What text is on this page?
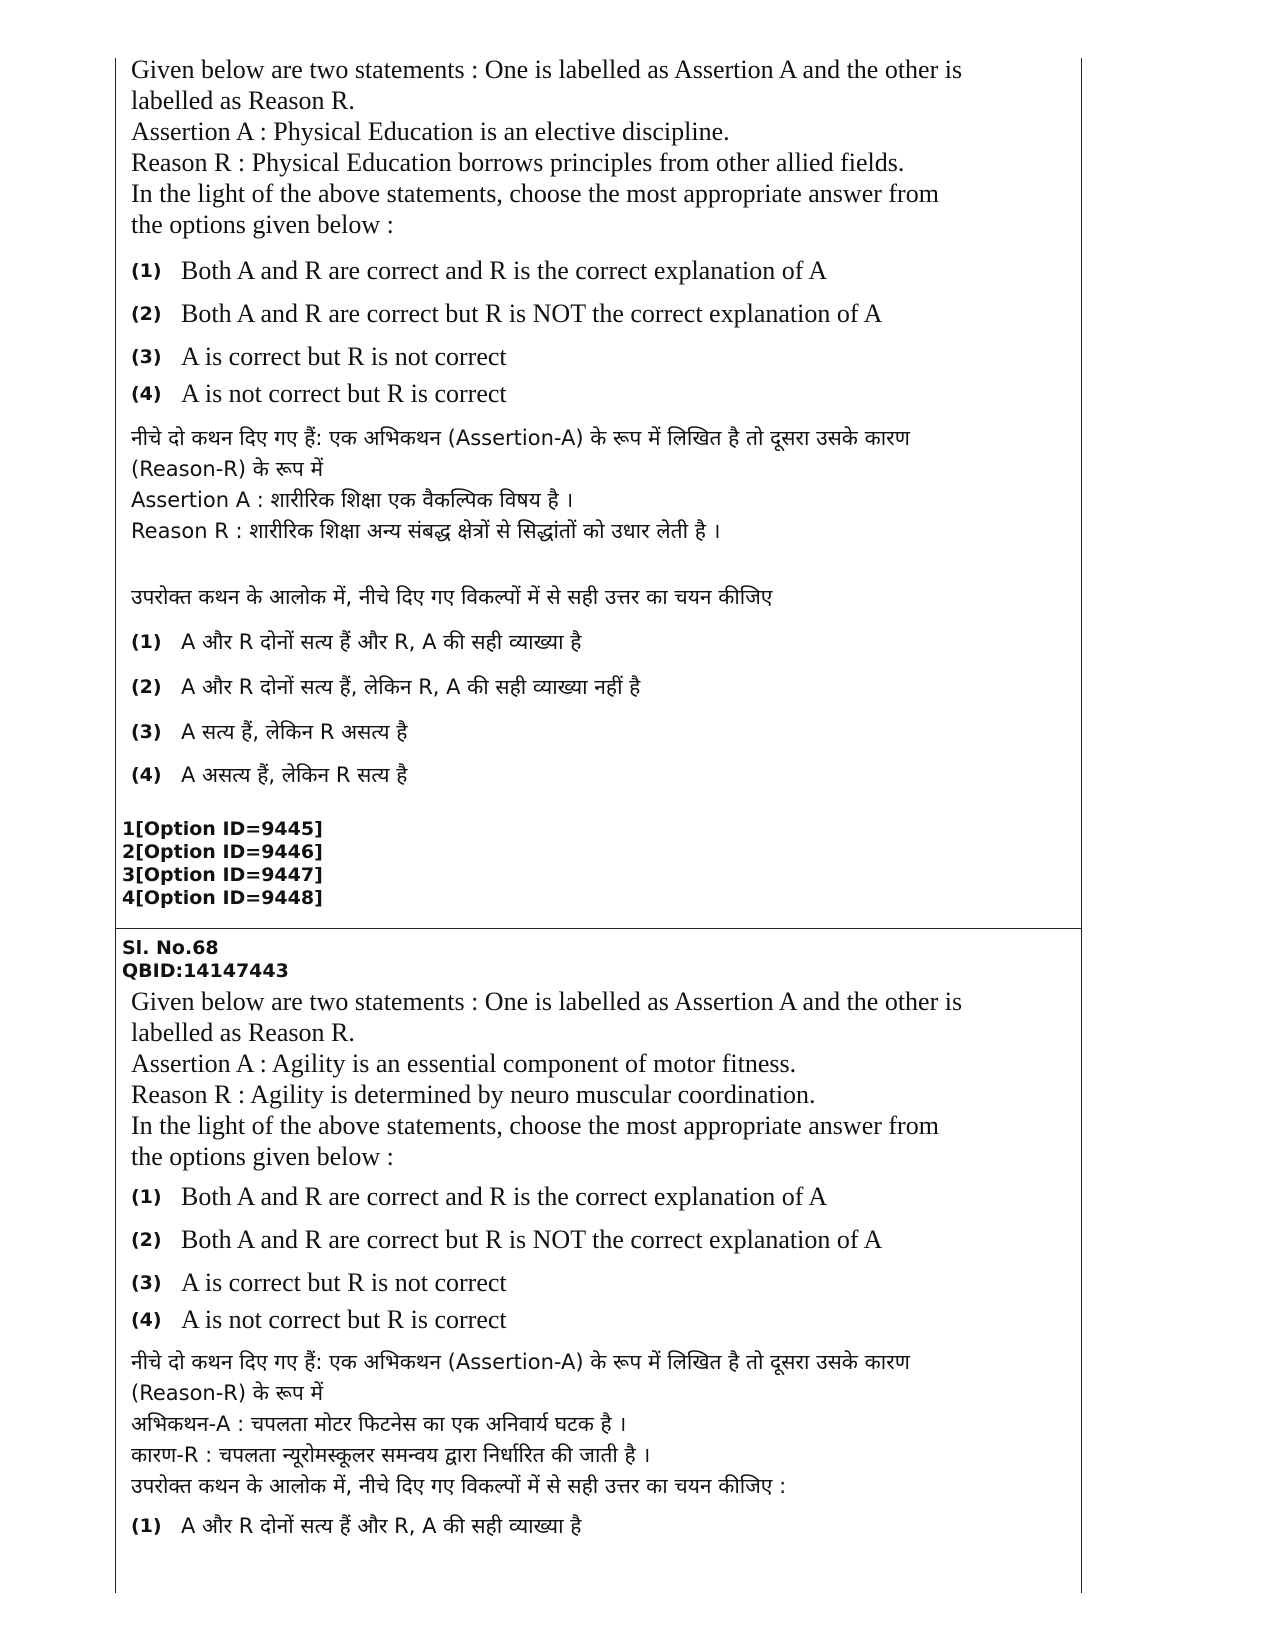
Given below are two statements : One is labelled as Assertion A and the other is
labelled as Reason R.
Assertion A : Physical Education is an elective discipline.
Reason R : Physical Education borrows principles from other allied fields.
In the light of the above statements, choose the most appropriate answer from
the options given below :
(1) Both A and R are correct and R is the correct explanation of A
(2) Both A and R are correct but R is NOT the correct explanation of A
(3) A is correct but R is not correct
(4) A is not correct but R is correct
नीचे दो कथन दिए गए हैं: एक अभिकथन (Assertion-A) के रूप में लिखित है तो दूसरा उसके कारण
(Reason-R) के रूप में
Assertion A : शारीरिक शिक्षा एक वैकल्पिक विषय है ।
Reason R : शारीरिक शिक्षा अन्य संबद्ध क्षेत्रों से सिद्धांतों को उधार लेती है ।
उपरोक्त कथन के आलोक में, नीचे दिए गए विकल्पों में से सही उत्तर का चयन कीजिए
(1) A और R दोनों सत्य हैं और R, A की सही व्याख्या है
(2) A और R दोनों सत्य हैं, लेकिन R, A की सही व्याख्या नहीं है
(3) A सत्य हैं, लेकिन R असत्य है
(4) A असत्य हैं, लेकिन R सत्य है
1[Option ID=9445]
2[Option ID=9446]
3[Option ID=9447]
4[Option ID=9448]
Sl. No.68
QBID:14147443
Given below are two statements : One is labelled as Assertion A and the other is
labelled as Reason R.
Assertion A : Agility is an essential component of motor fitness.
Reason R : Agility is determined by neuro muscular coordination.
In the light of the above statements, choose the most appropriate answer from
the options given below :
(1) Both A and R are correct and R is the correct explanation of A
(2) Both A and R are correct but R is NOT the correct explanation of A
(3) A is correct but R is not correct
(4) A is not correct but R is correct
नीचे दो कथन दिए गए हैं: एक अभिकथन (Assertion-A) के रूप में लिखित है तो दूसरा उसके कारण
(Reason-R) के रूप में
अभिकथन-A : चपलता मोटर फिटनेस का एक अनिवार्य घटक है ।
कारण-R : चपलता न्यूरोमस्कूलर समन्वय द्वारा निर्धारित की जाती है ।
उपरोक्त कथन के आलोक में, नीचे दिए गए विकल्पों में से सही उत्तर का चयन कीजिए :
(1) A और R दोनों सत्य हैं और R, A की सही व्याख्या है
